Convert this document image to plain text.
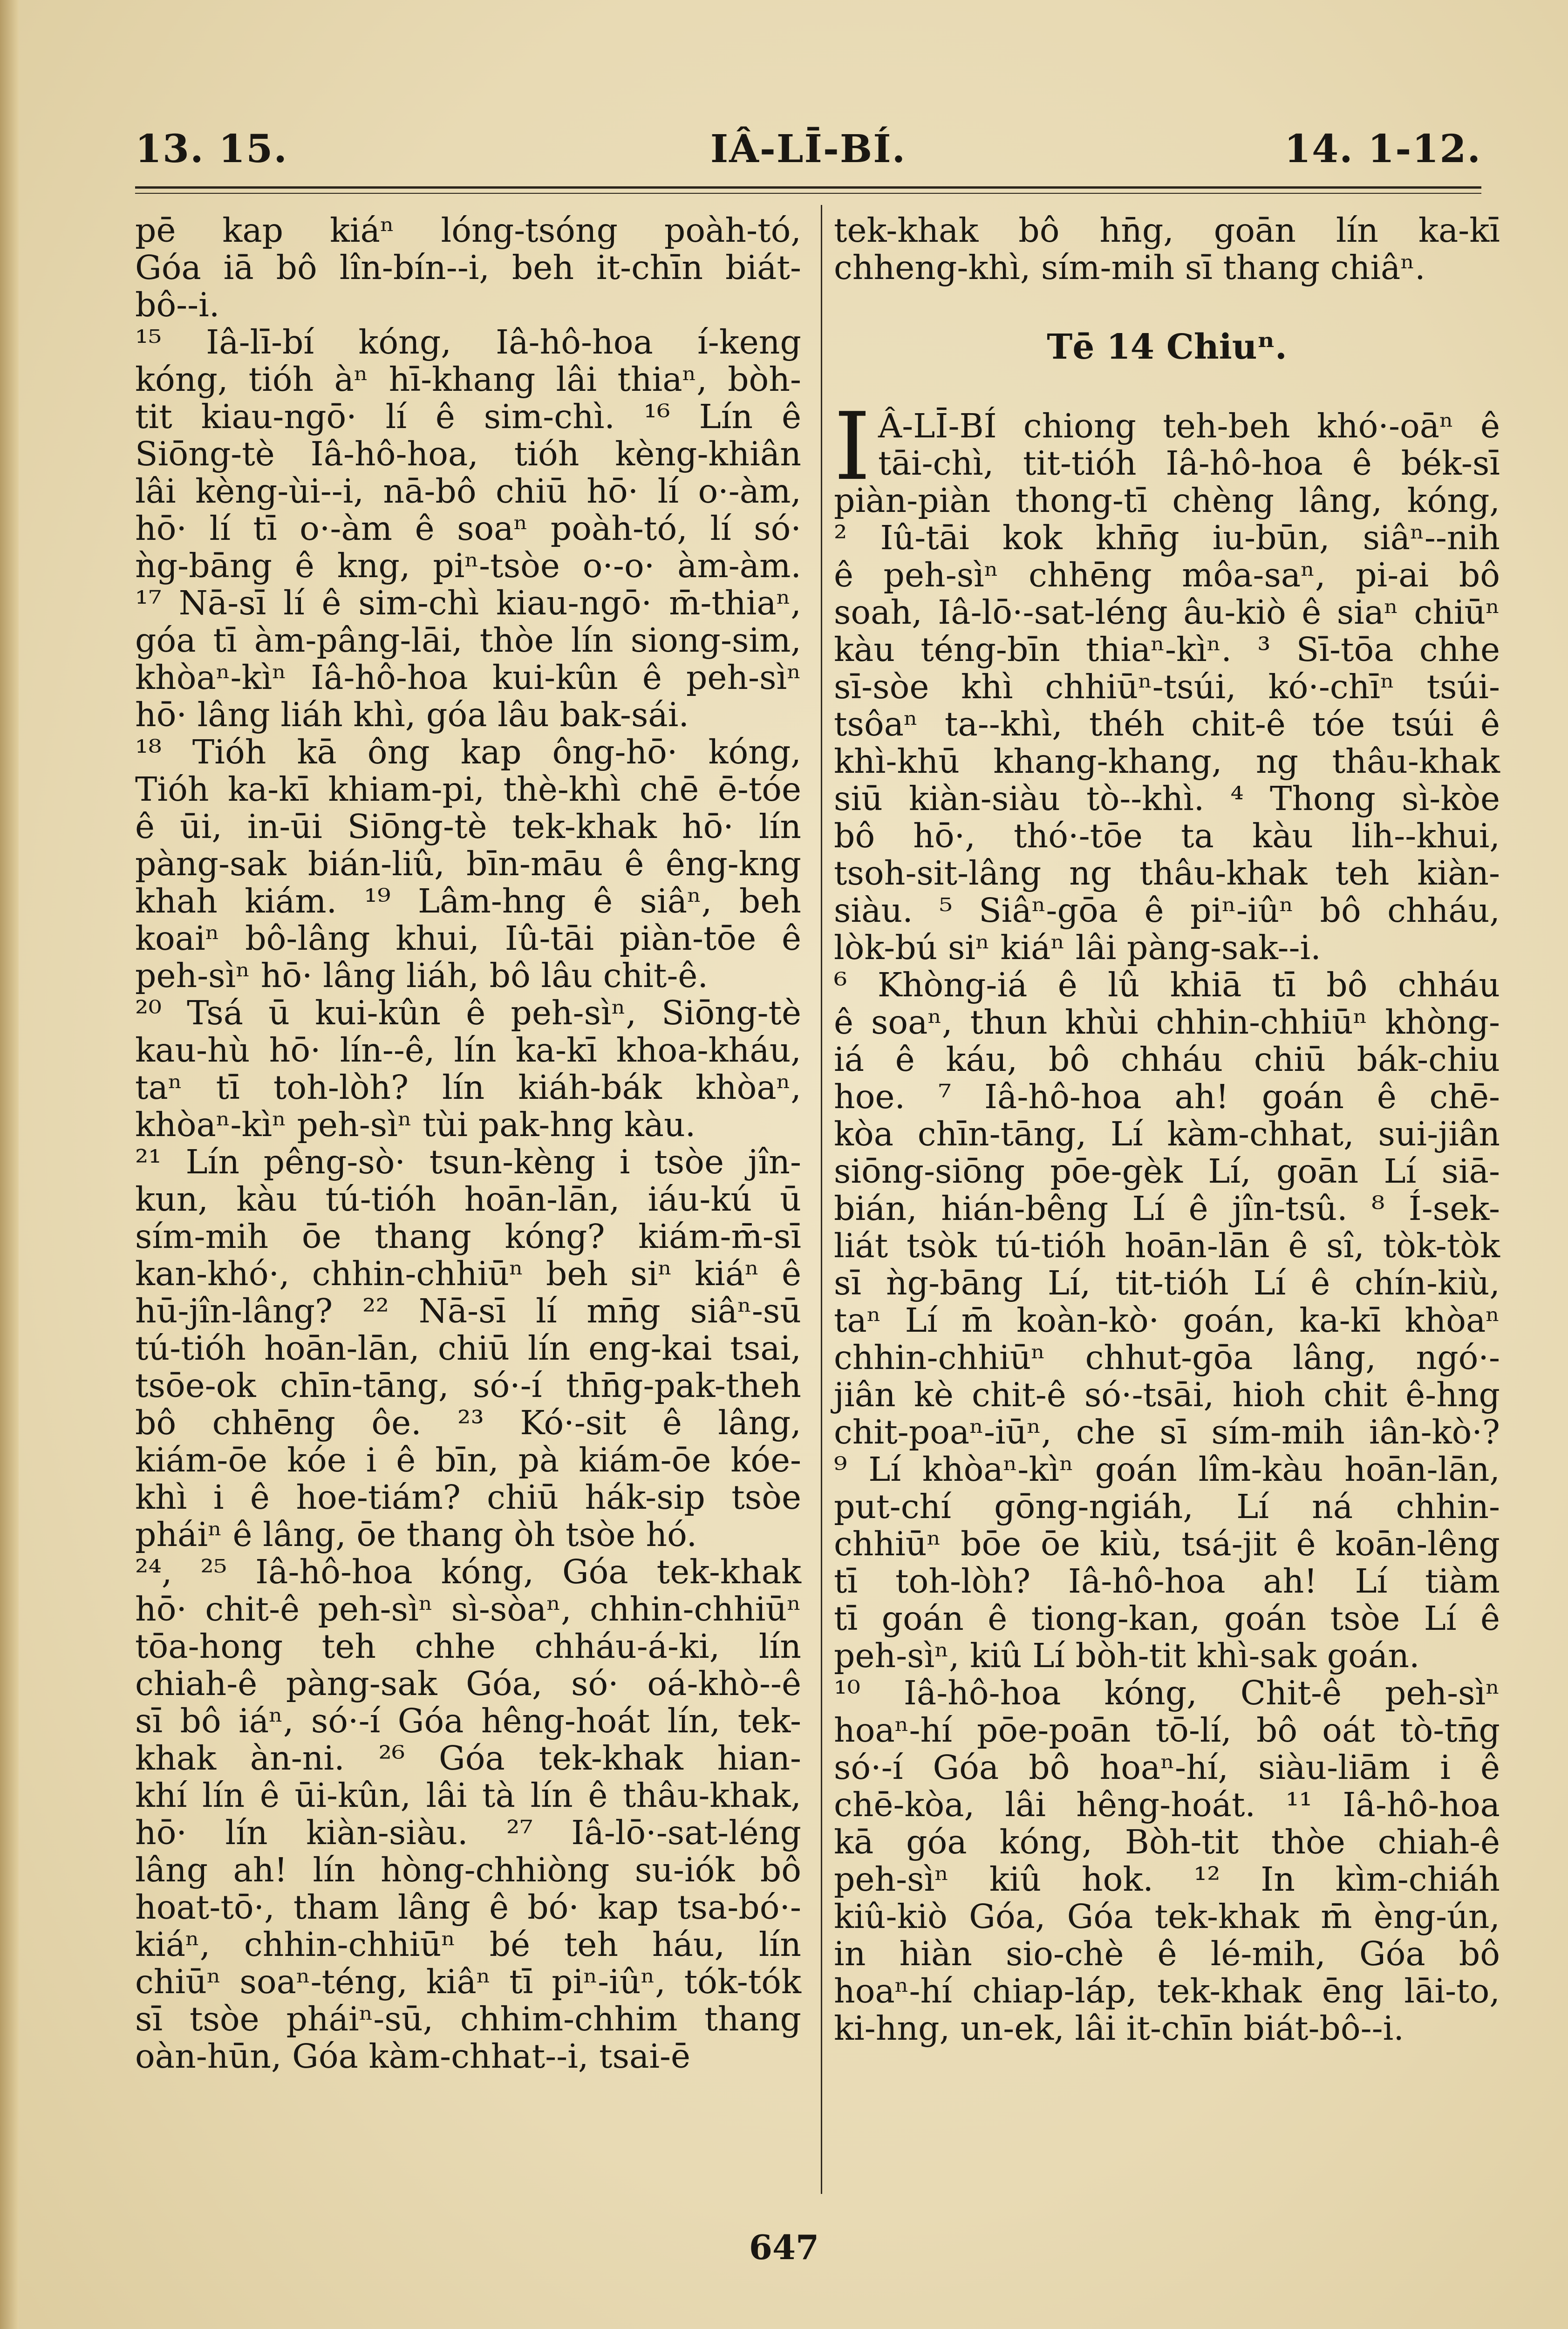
IÂ-LĪ-BÍ.
13. 15.	14. 1-12.
pē kap kiáⁿ lóng-tsóng poàh-tó,
Góa iā bô lîn-bín--i, beh it-chīn biát-
bô--i.
¹⁵ Iâ-lī-bí kóng, Iâ-hô-hoa í-keng
kóng, tióh àⁿ hī-khang lâi thiaⁿ, bòh-
tit kiau-ngō· lí ê sim-chì. ¹⁶ Lín ê
Siōng-tè Iâ-hô-hoa, tióh kèng-khiân
lâi kèng-ùi--i, nā-bô chiū hō· lí o·-àm,
hō· lí tī o·-àm ê soaⁿ poàh-tó, lí só·
ǹg-bāng ê kng, piⁿ-tsòe o·-o· àm-àm.
¹⁷ Nā-sī lí ê sim-chì kiau-ngō· m̄-thiaⁿ,
góa tī àm-pâng-lāi, thòe lín siong-sim,
khòaⁿ-kìⁿ Iâ-hô-hoa kui-kûn ê peh-sìⁿ
hō· lâng liáh khì, góa lâu bak-sái.
¹⁸ Tióh kā ông kap ông-hō· kóng,
Tióh ka-kī khiam-pi, thè-khì chē ē-tóe
ê ūi, in-ūi Siōng-tè tek-khak hō· lín
pàng-sak bián-liû, bīn-māu ê êng-kng
khah kiám. ¹⁹ Lâm-hng ê siâⁿ, beh
koaiⁿ bô-lâng khui, Iû-tāi piàn-tōe ê
peh-sìⁿ hō· lâng liáh, bô lâu chit-ê.
²⁰ Tsá ū kui-kûn ê peh-sìⁿ, Siōng-tè
kau-hù hō· lín--ê, lín ka-kī khoa-kháu,
taⁿ tī toh-lòh? lín kiáh-bák khòaⁿ,
khòaⁿ-kìⁿ peh-sìⁿ tùi pak-hng kàu.
²¹ Lín pêng-sò· tsun-kèng i tsòe jîn-
kun, kàu tú-tióh hoān-lān, iáu-kú ū
sím-mih ōe thang kóng? kiám-m̄-sī
kan-khó·, chhin-chhiūⁿ beh siⁿ kiáⁿ ê
hū-jîn-lâng? ²² Nā-sī lí mn̄g siâⁿ-sū
tú-tióh hoān-lān, chiū lín eng-kai tsai,
tsōe-ok chīn-tāng, só·-í thn̄g-pak-theh
bô chhēng ôe. ²³ Kó·-sit ê lâng,
kiám-ōe kóe i ê bīn, pà kiám-ōe kóe-
khì i ê hoe-tiám? chiū hák-sip tsòe
pháiⁿ ê lâng, ōe thang òh tsòe hó.
²⁴, ²⁵ Iâ-hô-hoa kóng, Góa tek-khak
hō· chit-ê peh-sìⁿ sì-sòaⁿ, chhin-chhiūⁿ
tōa-hong teh chhe chháu-á-ki, lín
chiah-ê pàng-sak Góa, só· oá-khò--ê
sī bô iáⁿ, só·-í Góa hêng-hoát lín, tek-
khak àn-ni. ²⁶ Góa tek-khak hian-
khí lín ê ūi-kûn, lâi tà lín ê thâu-khak,
hō· lín kiàn-siàu. ²⁷ Iâ-lō·-sat-léng
lâng ah! lín hòng-chhiòng su-iók bô
hoat-tō·, tham lâng ê bó· kap tsa-bó·-
kiáⁿ, chhin-chhiūⁿ bé teh háu, lín
chiūⁿ soaⁿ-téng, kiâⁿ tī piⁿ-iûⁿ, tók-tók
sī tsòe pháiⁿ-sū, chhim-chhim thang
oàn-hūn, Góa kàm-chhat--i, tsai-ē
tek-khak bô hn̄g, goān lín ka-kī
chheng-khì, sím-mih sī thang chiâⁿ.
Tē 14 Chiuⁿ.
I Â-LĪ-BÍ chiong teh-beh khó·-oāⁿ ê
tāi-chì, tit-tióh Iâ-hô-hoa ê bék-sī
piàn-piàn thong-tī chèng lâng, kóng,
² Iû-tāi kok khn̄g iu-būn, siâⁿ--nih
ê peh-sìⁿ chhēng môa-saⁿ, pi-ai bô
soah, Iâ-lō·-sat-léng âu-kiò ê siaⁿ chiūⁿ
kàu téng-bīn thiaⁿ-kìⁿ. ³ Sī-tōa chhe
sī-sòe khì chhiūⁿ-tsúi, kó·-chīⁿ tsúi-
tsôaⁿ ta--khì, théh chit-ê tóe tsúi ê
khì-khū khang-khang, ng thâu-khak
siū kiàn-siàu tò--khì. ⁴ Thong sì-kòe
bô hō·, thó·-tōe ta kàu lih--khui,
tsoh-sit-lâng ng thâu-khak teh kiàn-
siàu. ⁵ Siâⁿ-gōa ê piⁿ-iûⁿ bô chháu,
lòk-bú siⁿ kiáⁿ lâi pàng-sak--i.
⁶ Khòng-iá ê lû khiā tī bô chháu
ê soaⁿ, thun khùi chhin-chhiūⁿ khòng-
iá ê káu, bô chháu chiū bák-chiu
hoe. ⁷ Iâ-hô-hoa ah! goán ê chē-
kòa chīn-tāng, Lí kàm-chhat, sui-jiân
siōng-siōng pōe-gèk Lí, goān Lí siā-
bián, hián-bêng Lí ê jîn-tsû. ⁸ Í-sek-
liát tsòk tú-tióh hoān-lān ê sî, tòk-tòk
sī ǹg-bāng Lí, tit-tióh Lí ê chín-kiù,
taⁿ Lí m̄ koàn-kò· goán, ka-kī khòaⁿ
chhin-chhiūⁿ chhut-gōa lâng, ngó·-
jiân kè chit-ê só·-tsāi, hioh chit ê-hng
chit-poaⁿ-iūⁿ, che sī sím-mih iân-kò·?
⁹ Lí khòaⁿ-kìⁿ goán lîm-kàu hoān-lān,
put-chí gōng-ngiáh, Lí ná chhin-
chhiūⁿ bōe ōe kiù, tsá-jit ê koān-lêng
tī toh-lòh? Iâ-hô-hoa ah! Lí tiàm
tī goán ê tiong-kan, goán tsòe Lí ê
peh-sìⁿ, kiû Lí bòh-tit khì-sak goán.
¹⁰ Iâ-hô-hoa kóng, Chit-ê peh-sìⁿ
hoaⁿ-hí pōe-poān tō-lí, bô oát tò-tn̄g
só·-í Góa bô hoaⁿ-hí, siàu-liām i ê
chē-kòa, lâi hêng-hoát. ¹¹ Iâ-hô-hoa
kā góa kóng, Bòh-tit thòe chiah-ê
peh-sìⁿ kiû hok. ¹² In kìm-chiáh
kiû-kiò Góa, Góa tek-khak m̄ èng-ún,
in hiàn sio-chè ê lé-mih, Góa bô
hoaⁿ-hí chiap-láp, tek-khak ēng lāi-to,
ki-hng, un-ek, lâi it-chīn biát-bô--i.
647
